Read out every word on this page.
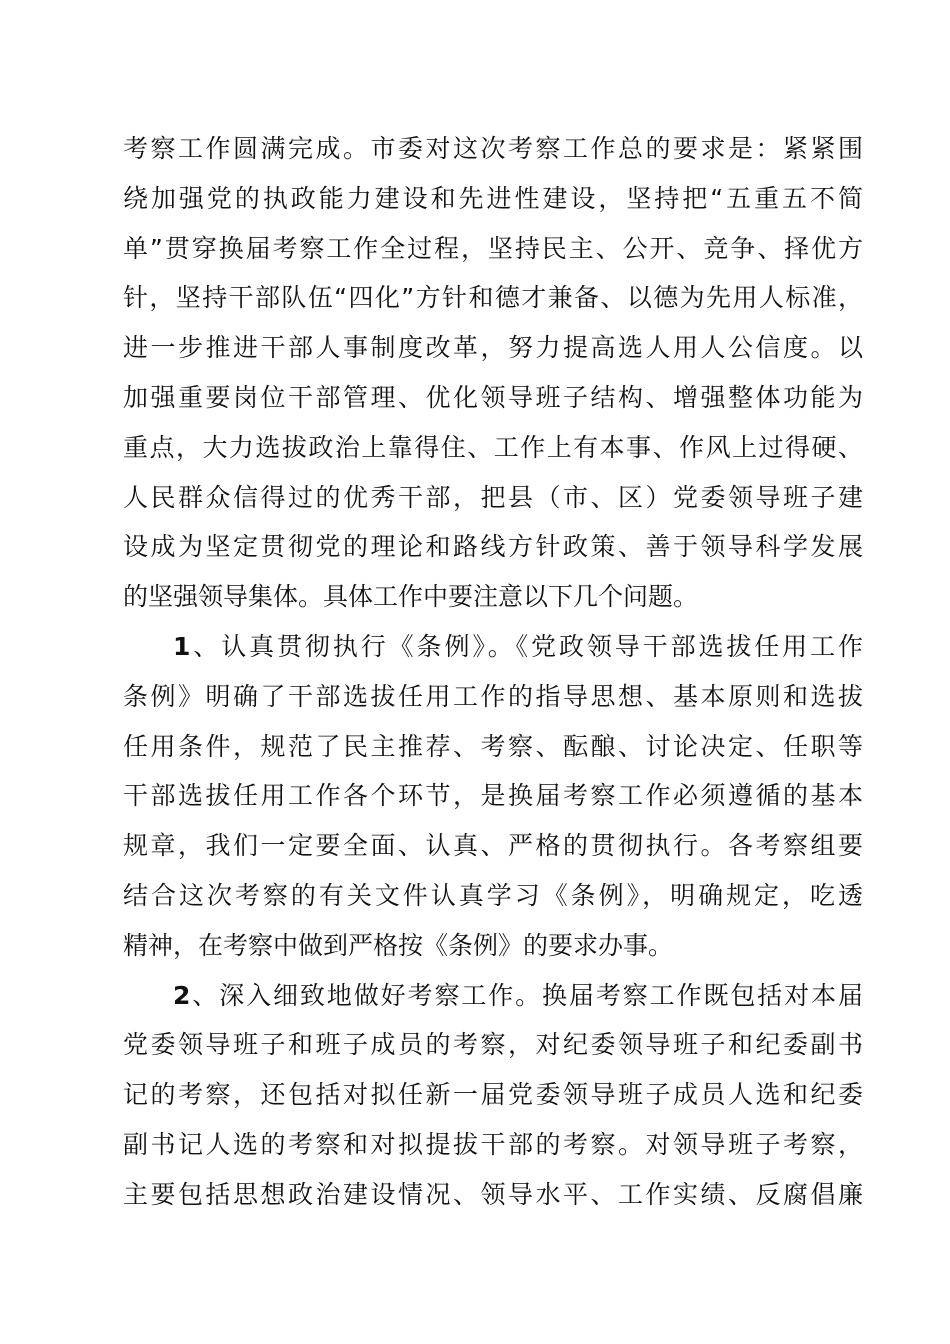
考察工作圆满完成。市委对这次考察工作总的要求是：紧紧围
绕加强党的执政能力建设和先进性建设，坚持把“五重五不简
单”贯穿换届考察工作全过程，坚持民主、公开、竞争、择优方
针，坚持干部队伍“四化”方针和德才兼备、以德为先用人标准，
进一步推进干部人事制度改革，努力提高选人用人公信度。以
加强重要岗位干部管理、优化领导班子结构、增强整体功能为
重点，大力选拔政治上靠得住、工作上有本事、作风上过得硬、
人民群众信得过的优秀干部，把县（市、区）党委领导班子建
设成为坚定贯彻党的理论和路线方针政策、善于领导科学发展
的坚强领导集体。具体工作中要注意以下几个问题。
1、认真贯彻执行《条例》。《党政领导干部选拔任用工作
条例》明确了干部选拔任用工作的指导思想、基本原则和选拔
任用条件，规范了民主推荐、考察、酝酿、讨论决定、任职等
干部选拔任用工作各个环节，是换届考察工作必须遵循的基本
规章，我们一定要全面、认真、严格的贯彻执行。各考察组要
结合这次考察的有关文件认真学习《条例》，明确规定，吃透
精神，在考察中做到严格按《条例》的要求办事。
2、深入细致地做好考察工作。换届考察工作既包括对本届
党委领导班子和班子成员的考察，对纪委领导班子和纪委副书
记的考察，还包括对拟任新一届党委领导班子成员人选和纪委
副书记人选的考察和对拟提拔干部的考察。对领导班子考察，
主要包括思想政治建设情况、领导水平、工作实绩、反腐倡廉
